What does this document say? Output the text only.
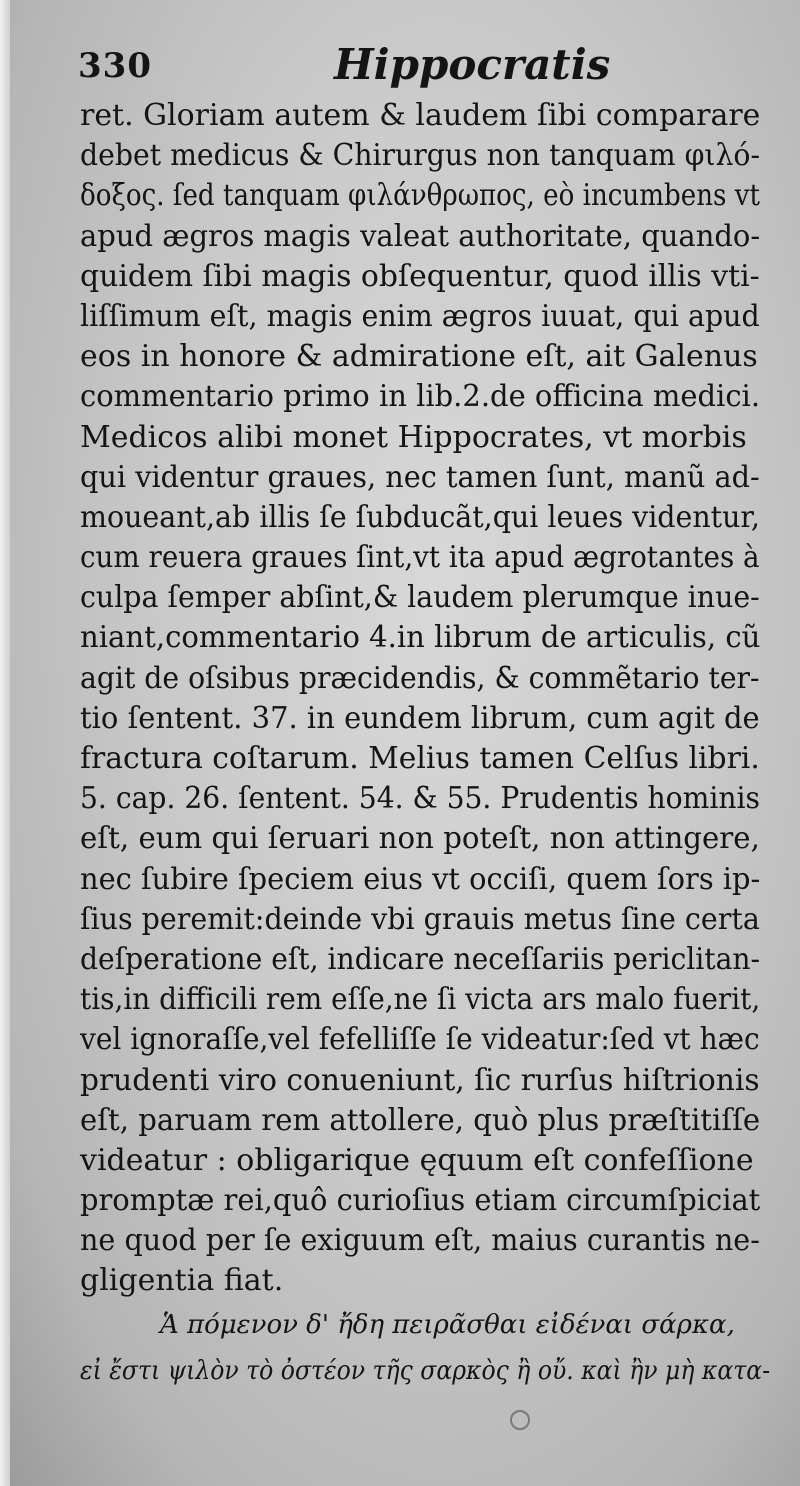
330	Hippocratis
ret. Gloriam autem & laudem ſibi comparare
debet medicus & Chirurgus non tanquam φιλό-
δοξος. ſed tanquam φιλάνθρωπος, eò incumbens vt
apud ægros magis valeat authoritate, quando-
quidem ſibi magis obſequentur, quod illis vti-
liſſimum eſt, magis enim ægros iuuat, qui apud
eos in honore & admiratione eſt, ait Galenus
commentario primo in lib.2.de officina medici.
Medicos alibi monet Hippocrates, vt morbis
qui videntur graues, nec tamen ſunt, manũ ad-
moueant,ab illis ſe ſubducãt,qui leues videntur,
cum reuera graues ſint,vt ita apud ægrotantes à
culpa ſemper abſint,& laudem plerumque inue-
niant,commentario 4.in librum de articulis, cũ
agit de oſsibus præcidendis, & commẽtario ter-
tio ſentent. 37. in eundem librum, cum agit de
fractura coſtarum. Melius tamen Celſus libri.
5. cap. 26. ſentent. 54. & 55. Prudentis hominis
eſt, eum qui ſeruari non poteſt, non attingere,
nec ſubire ſpeciem eius vt occiſi, quem ſors ip-
ſius peremit:deinde vbi grauis metus ſine certa
deſperatione eſt, indicare neceſſariis periclitan-
tis,in difficili rem eſſe,ne ſi victa ars malo fuerit,
vel ignoraſſe,vel fefelliſſe ſe videatur:ſed vt hæc
prudenti viro conueniunt, ſic rurſus hiſtrionis
eſt, paruam rem attollere, quò plus præſtitiſſe
videatur : obligarique ęquum eſt confeſſione
promptæ rei,quô curioſius etiam circumſpiciat
ne quod per ſe exiguum eſt, maius curantis ne-
gligentia fiat.
Ἁ πόμενον δ' ἤδη πειρᾶσθαι εἰδέναι σάρκα,
εἰ ἔστι ψιλὸν τὸ ὀστέον τῆς σαρκὸς ἢ οὔ. καὶ ἢν μὴ κατα-
